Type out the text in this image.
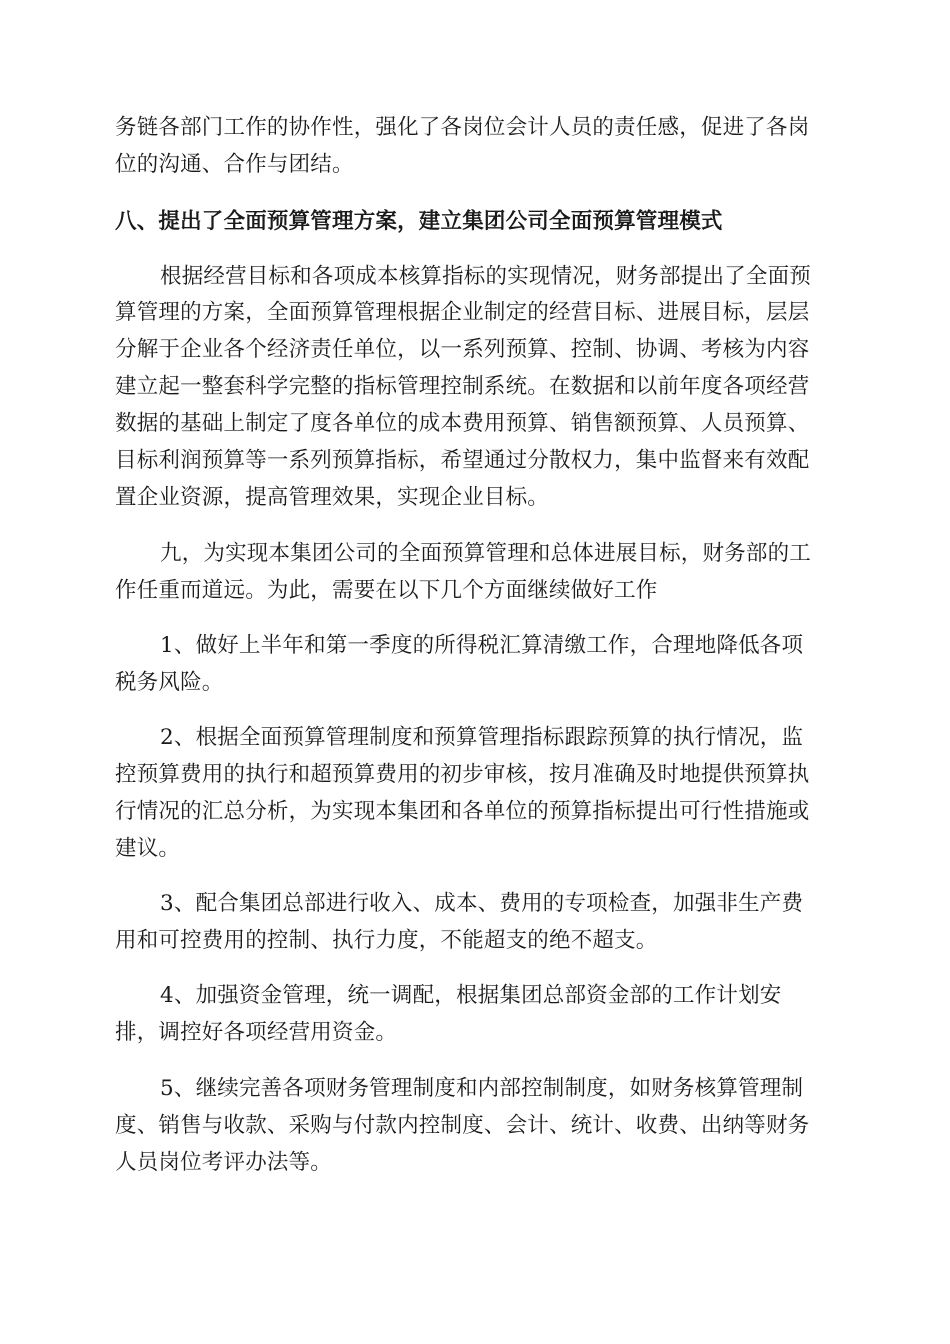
务链各部门工作的协作性，强化了各岗位会计人员的责任感，促进了各岗
位的沟通、合作与团结。
八、提出了全面预算管理方案，建立集团公司全面预算管理模式
根据经营目标和各项成本核算指标的实现情况，财务部提出了全面预
算管理的方案，全面预算管理根据企业制定的经营目标、进展目标，层层
分解于企业各个经济责任单位，以一系列预算、控制、协调、考核为内容
建立起一整套科学完整的指标管理控制系统。在数据和以前年度各项经营
数据的基础上制定了度各单位的成本费用预算、销售额预算、人员预算、
目标利润预算等一系列预算指标，希望通过分散权力，集中监督来有效配
置企业资源，提高管理效果，实现企业目标。
九，为实现本集团公司的全面预算管理和总体进展目标，财务部的工
作任重而道远。为此，需要在以下几个方面继续做好工作
1、做好上半年和第一季度的所得税汇算清缴工作，合理地降低各项
税务风险。
2、根据全面预算管理制度和预算管理指标跟踪预算的执行情况，监
控预算费用的执行和超预算费用的初步审核，按月准确及时地提供预算执
行情况的汇总分析，为实现本集团和各单位的预算指标提出可行性措施或
建议。
3、配合集团总部进行收入、成本、费用的专项检查，加强非生产费
用和可控费用的控制、执行力度，不能超支的绝不超支。
4、加强资金管理，统一调配，根据集团总部资金部的工作计划安
排，调控好各项经营用资金。
5、继续完善各项财务管理制度和内部控制制度，如财务核算管理制
度、销售与收款、采购与付款内控制度、会计、统计、收费、出纳等财务
人员岗位考评办法等。
